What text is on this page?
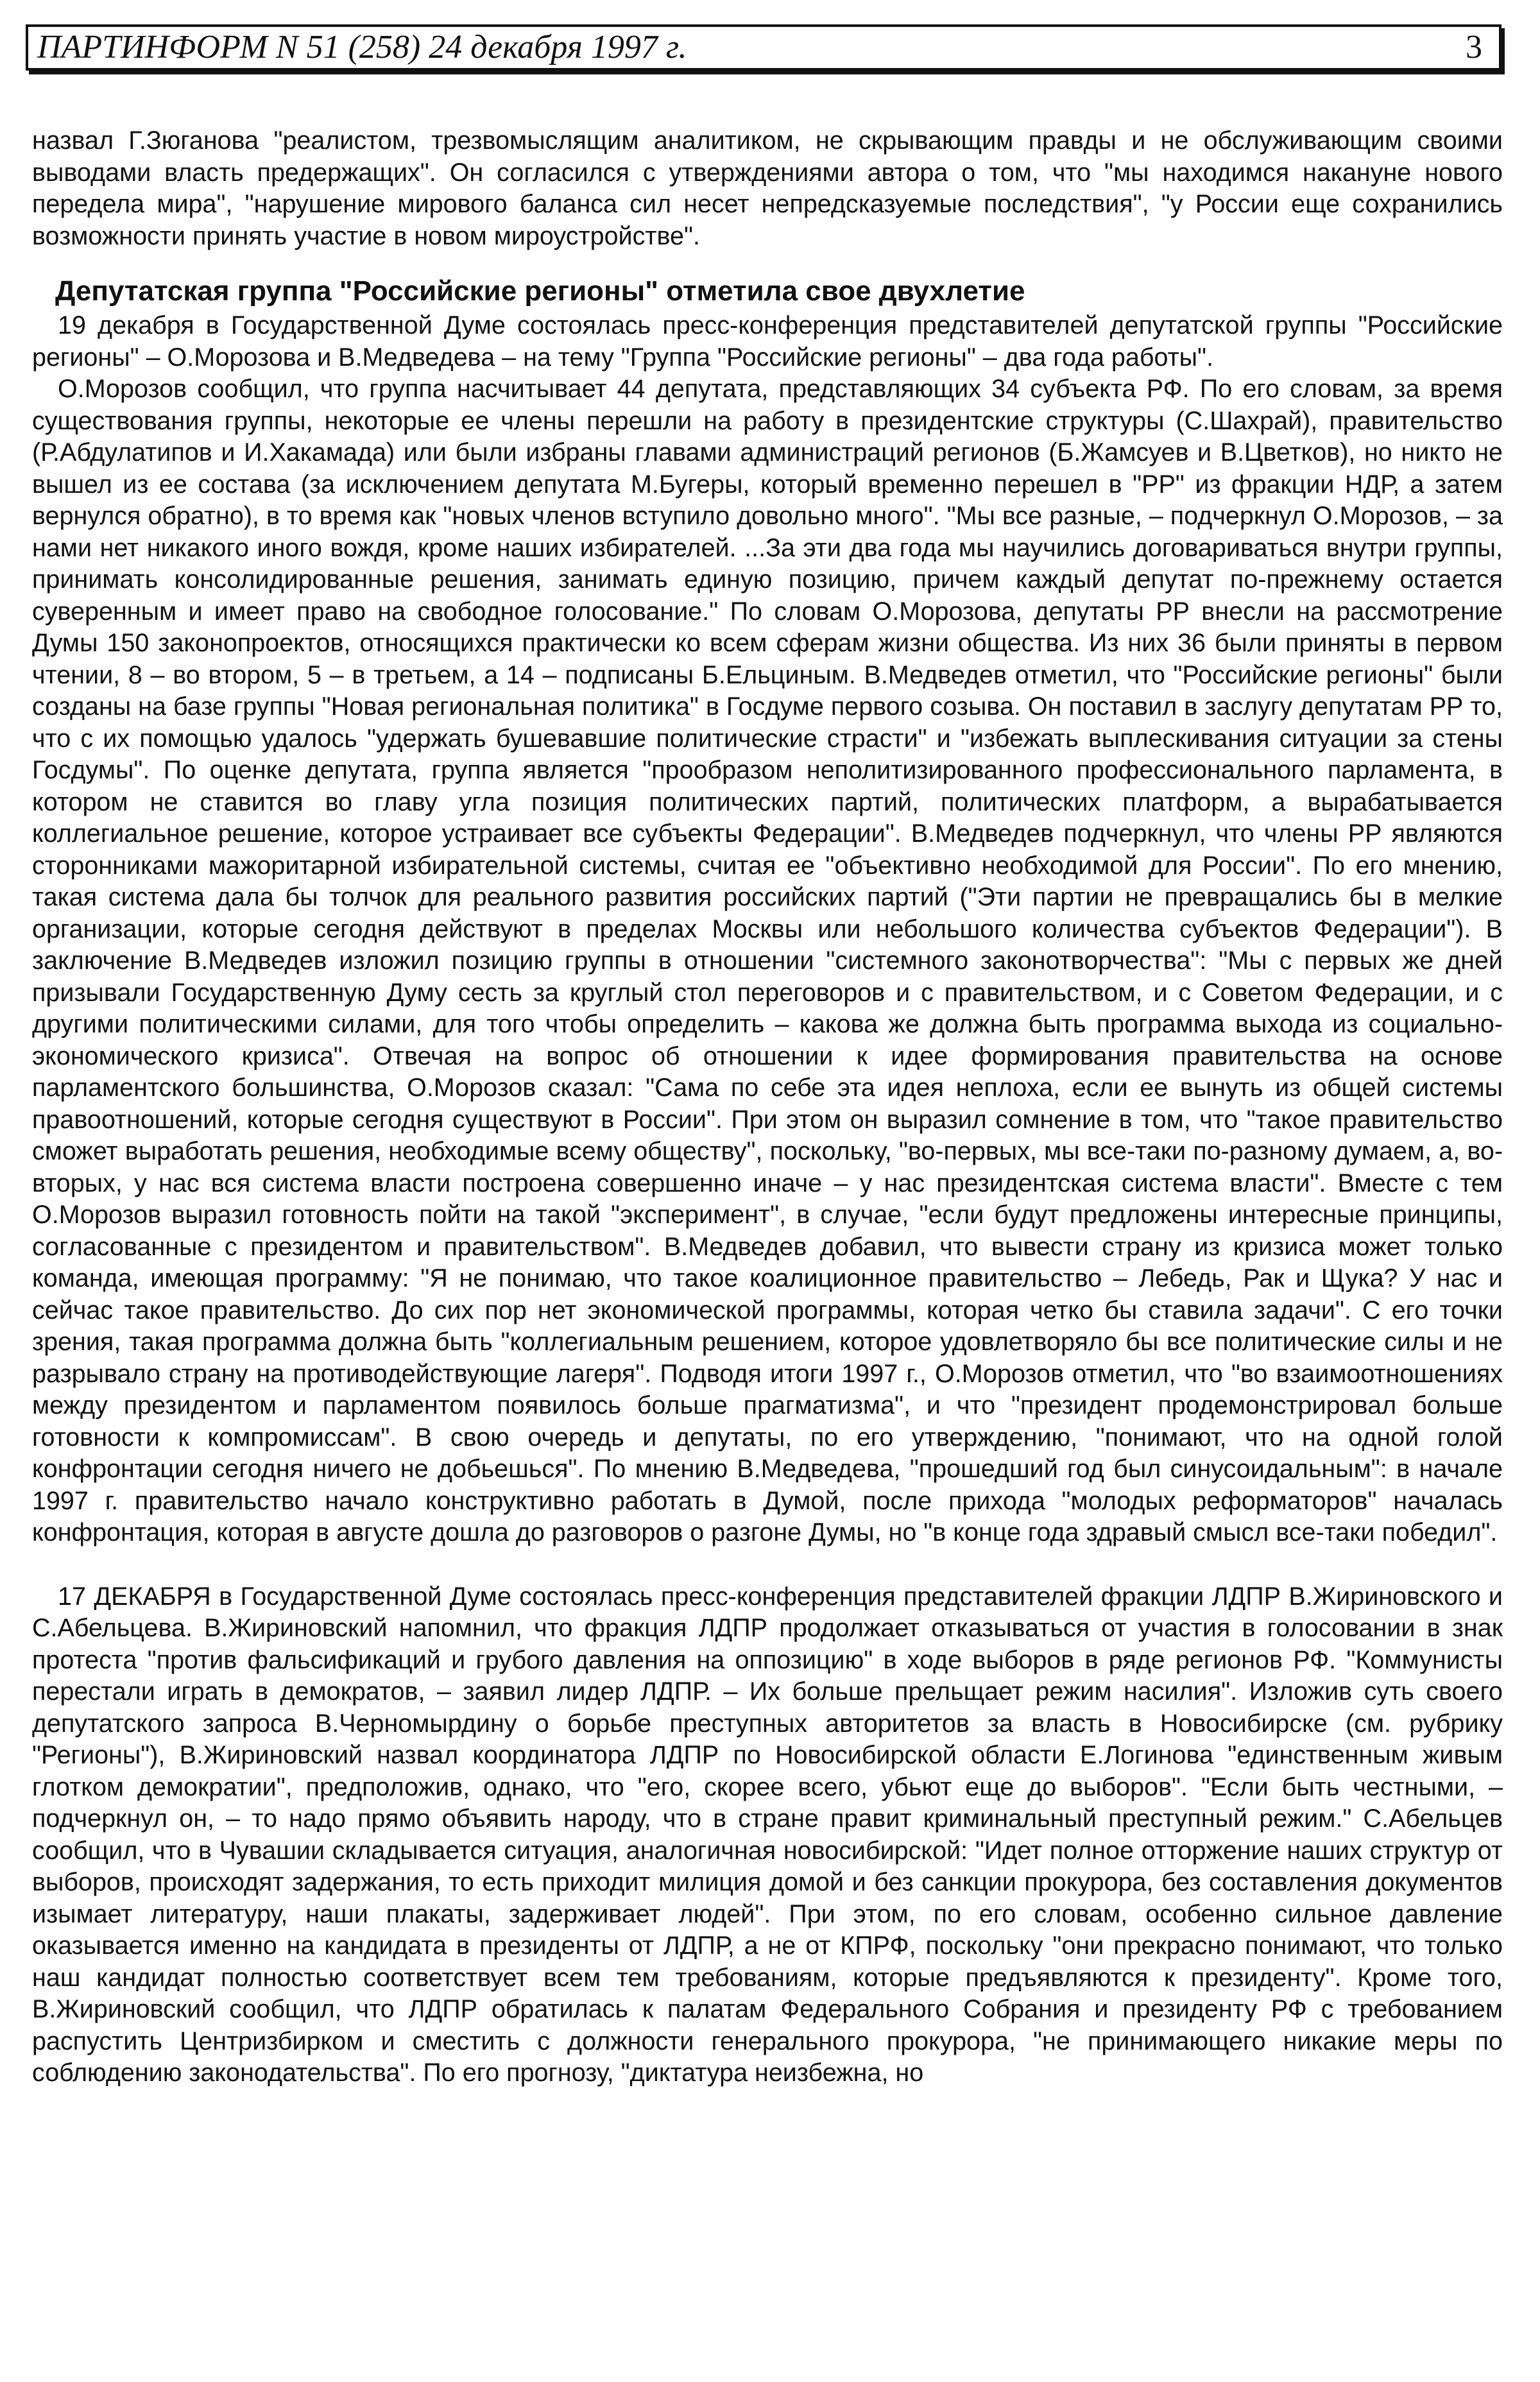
ПАРТИНФОРМ N 51 (258) 24 декабря 1997 г.	3

назвал Г.Зюганова "реалистом, трезвомыслящим аналитиком, не скрывающим правды и не обслуживающим своими выводами власть предержащих". Он согласился с утверждениями автора о том, что "мы находимся накануне нового передела мира", "нарушение мирового баланса сил несет непредсказуемые последствия", "у России еще сохранились возможности принять участие в новом мироустройстве".

Депутатская группа "Российские регионы" отметила свое двухлетие

19 декабря в Государственной Думе состоялась пресс-конференция представителей депутатской группы "Российские регионы" – О.Морозова и В.Медведева – на тему "Группа "Российские регионы" – два года работы".

О.Морозов сообщил, что группа насчитывает 44 депутата, представляющих 34 субъекта РФ. По его словам, за время существования группы, некоторые ее члены перешли на работу в президентские структуры (С.Шахрай), правительство (Р.Абдулатипов и И.Хакамада) или были избраны главами администраций регионов (Б.Жамсуев и В.Цветков), но никто не вышел из ее состава (за исключением депутата М.Бугеры, который временно перешел в "РР" из фракции НДР, а затем вернулся обратно), в то время как "новых членов вступило довольно много". "Мы все разные, – подчеркнул О.Морозов, – за нами нет никакого иного вождя, кроме наших избирателей. ...За эти два года мы научились договариваться внутри группы, принимать консолидированные решения, занимать единую позицию, причем каждый депутат по-прежнему остается суверенным и имеет право на свободное голосование." По словам О.Морозова, депутаты РР внесли на рассмотрение Думы 150 законопроектов, относящихся практически ко всем сферам жизни общества. Из них 36 были приняты в первом чтении, 8 – во втором, 5 – в третьем, а 14 – подписаны Б.Ельциным. В.Медведев отметил, что "Российские регионы" были созданы на базе группы "Новая региональная политика" в Госдуме первого созыва. Он поставил в заслугу депутатам РР то, что с их помощью удалось "удержать бушевавшие политические страсти" и "избежать выплескивания ситуации за стены Госдумы". По оценке депутата, группа является "прообразом неполитизированного профессионального парламента, в котором не ставится во главу угла позиция политических партий, политических платформ, а вырабатывается коллегиальное решение, которое устраивает все субъекты Федерации". В.Медведев подчеркнул, что члены РР являются сторонниками мажоритарной избирательной системы, считая ее "объективно необходимой для России". По его мнению, такая система дала бы толчок для реального развития российских партий ("Эти партии не превращались бы в мелкие организации, которые сегодня действуют в пределах Москвы или небольшого количества субъектов Федерации"). В заключение В.Медведев изложил позицию группы в отношении "системного законотворчества": "Мы с первых же дней призывали Государственную Думу сесть за круглый стол переговоров и с правительством, и с Советом Федерации, и с другими политическими силами, для того чтобы определить – какова же должна быть программа выхода из социально-экономического кризиса". Отвечая на вопрос об отношении к идее формирования правительства на основе парламентского большинства, О.Морозов сказал: "Сама по себе эта идея неплоха, если ее вынуть из общей системы правоотношений, которые сегодня существуют в России". При этом он выразил сомнение в том, что "такое правительство сможет выработать решения, необходимые всему обществу", поскольку, "во-первых, мы все-таки по-разному думаем, а, во-вторых, у нас вся система власти построена совершенно иначе – у нас президентская система власти". Вместе с тем О.Морозов выразил готовность пойти на такой "эксперимент", в случае, "если будут предложены интересные принципы, согласованные с президентом и правительством". В.Медведев добавил, что вывести страну из кризиса может только команда, имеющая программу: "Я не понимаю, что такое коалиционное правительство – Лебедь, Рак и Щука? У нас и сейчас такое правительство. До сих пор нет экономической программы, которая четко бы ставила задачи". С его точки зрения, такая программа должна быть "коллегиальным решением, которое удовлетворяло бы все политические силы и не разрывало страну на противодействующие лагеря". Подводя итоги 1997 г., О.Морозов отметил, что "во взаимоотношениях между президентом и парламентом появилось больше прагматизма", и что "президент продемонстрировал больше готовности к компромиссам". В свою очередь и депутаты, по его утверждению, "понимают, что на одной голой конфронтации сегодня ничего не добьешься". По мнению В.Медведева, "прошедший год был синусоидальным": в начале 1997 г. правительство начало конструктивно работать в Думой, после прихода "молодых реформаторов" началась конфронтация, которая в августе дошла до разговоров о разгоне Думы, но "в конце года здравый смысл все-таки победил".

17 ДЕКАБРЯ в Государственной Думе состоялась пресс-конференция представителей фракции ЛДПР В.Жириновского и С.Абельцева. В.Жириновский напомнил, что фракция ЛДПР продолжает отказываться от участия в голосовании в знак протеста "против фальсификаций и грубого давления на оппозицию" в ходе выборов в ряде регионов РФ. "Коммунисты перестали играть в демократов, – заявил лидер ЛДПР. – Их больше прельщает режим насилия". Изложив суть своего депутатского запроса В.Черномырдину о борьбе преступных авторитетов за власть в Новосибирске (см. рубрику "Регионы"), В.Жириновский назвал координатора ЛДПР по Новосибирской области Е.Логинова "единственным живым глотком демократии", предположив, однако, что "его, скорее всего, убьют еще до выборов". "Если быть честными, – подчеркнул он, – то надо прямо объявить народу, что в стране правит криминальный преступный режим." С.Абельцев сообщил, что в Чувашии складывается ситуация, аналогичная новосибирской: "Идет полное отторжение наших структур от выборов, происходят задержания, то есть приходит милиция домой и без санкции прокурора, без составления документов изымает литературу, наши плакаты, задерживает людей". При этом, по его словам, особенно сильное давление оказывается именно на кандидата в президенты от ЛДПР, а не от КПРФ, поскольку "они прекрасно понимают, что только наш кандидат полностью соответствует всем тем требованиям, которые предъявляются к президенту". Кроме того, В.Жириновский сообщил, что ЛДПР обратилась к палатам Федерального Собрания и президенту РФ с требованием распустить Центризбирком и сместить с должности генерального прокурора, "не принимающего никакие меры по соблюдению законодательства". По его прогнозу, "диктатура неизбежна, но
